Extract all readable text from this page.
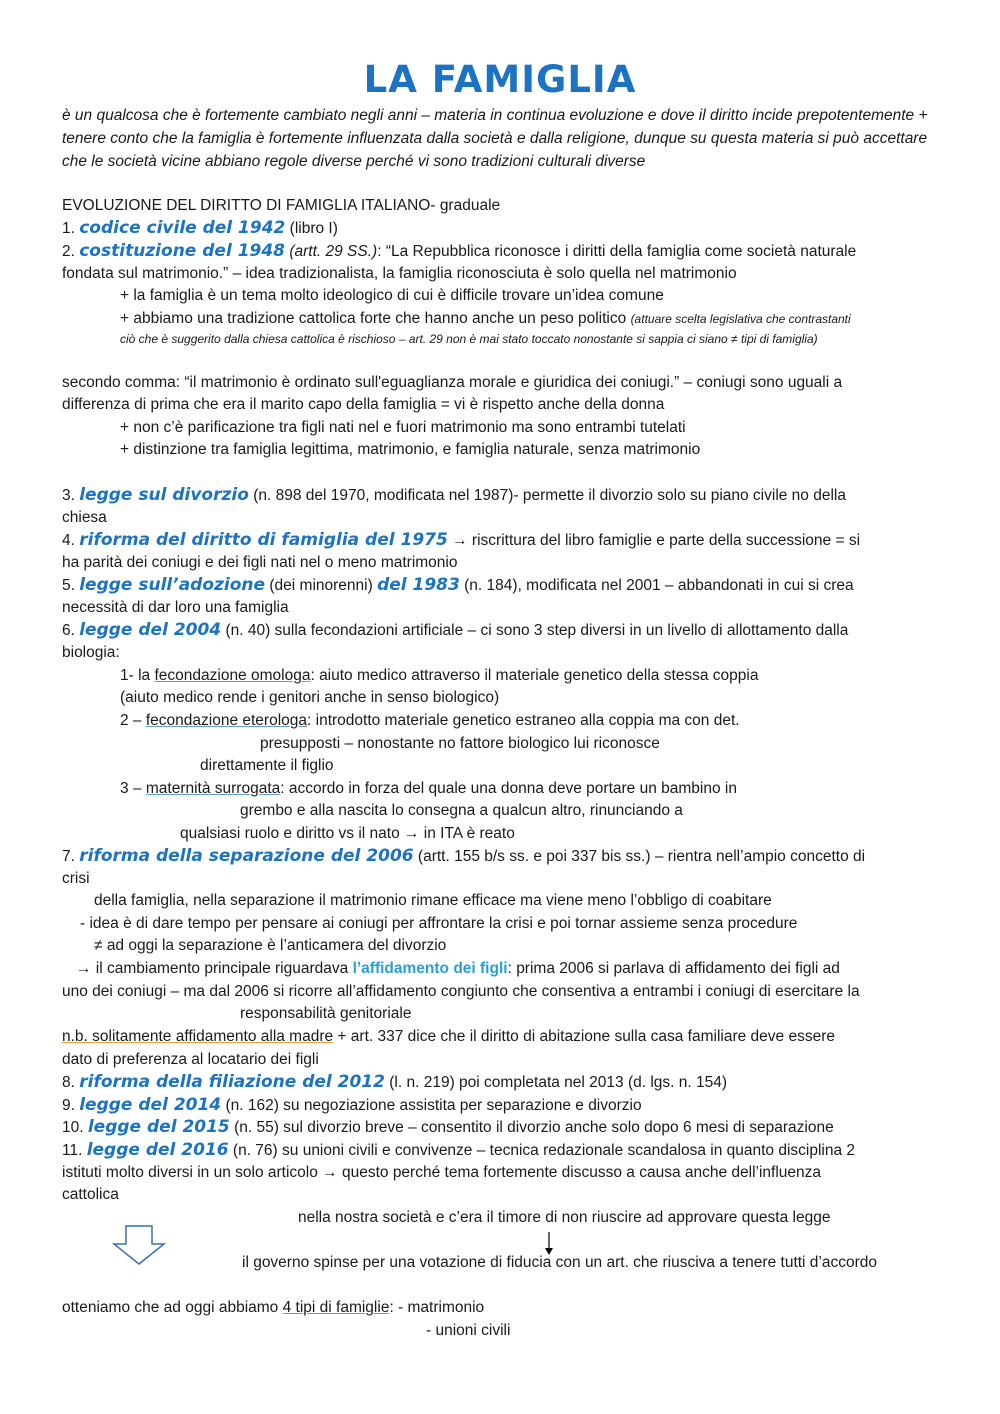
LA FAMIGLIA

è un qualcosa che è fortemente cambiato negli anni – materia in continua evoluzione e dove il diritto incide prepotentemente + tenere conto che la famiglia è fortemente influenzata dalla società e dalla religione, dunque su questa materia si può accettare che le società vicine abbiano regole diverse perché vi sono tradizioni culturali diverse

EVOLUZIONE DEL DIRITTO DI FAMIGLIA ITALIANO- graduale

1. codice civile del 1942 (libro I)

2. costituzione del 1948 (artt. 29 SS.): “La Repubblica riconosce i diritti della famiglia come società naturale

fondata sul matrimonio.” – idea tradizionalista, la famiglia riconosciuta è solo quella nel matrimonio

+ la famiglia è un tema molto ideologico di cui è difficile trovare un’idea comune

+ abbiamo una tradizione cattolica forte che hanno anche un peso politico (attuare scelta legislativa che contrastanti

ciò che è suggerito dalla chiesa cattolica è rischioso – art. 29 non è mai stato toccato nonostante si sappia ci siano ≠ tipi di famiglia)

secondo comma: “il matrimonio è ordinato sull'eguaglianza morale e giuridica dei coniugi.” – coniugi sono uguali a

differenza di prima che era il marito capo della famiglia = vi è rispetto anche della donna

+ non c’è parificazione tra figli nati nel e fuori matrimonio ma sono entrambi tutelati

+ distinzione tra famiglia legittima, matrimonio, e famiglia naturale, senza matrimonio

3. legge sul divorzio (n. 898 del 1970, modificata nel 1987)- permette il divorzio solo su piano civile no della

chiesa

4. riforma del diritto di famiglia del 1975 → riscrittura del libro famiglie e parte della successione = si

ha parità dei coniugi e dei figli nati nel o meno matrimonio

5. legge sull’adozione (dei minorenni) del 1983 (n. 184), modificata nel 2001 – abbandonati in cui si crea

necessità di dar loro una famiglia

6. legge del 2004 (n. 40) sulla fecondazioni artificiale – ci sono 3 step diversi in un livello di allottamento dalla

biologia:

1- la fecondazione omologa: aiuto medico attraverso il materiale genetico della stessa coppia

(aiuto medico rende i genitori anche in senso biologico)

2 – fecondazione eterologa: introdotto materiale genetico estraneo alla coppia ma con det.

presupposti – nonostante no fattore biologico lui riconosce

direttamente il figlio

3 – maternità surrogata: accordo in forza del quale una donna deve portare un bambino in

grembo e alla nascita lo consegna a qualcun altro, rinunciando a

qualsiasi ruolo e diritto vs il nato → in ITA è reato

7. riforma della separazione del 2006 (artt. 155 b/s ss. e poi 337 bis ss.) – rientra nell’ampio concetto di

crisi

della famiglia, nella separazione il matrimonio rimane efficace ma viene meno l’obbligo di coabitare

- idea è di dare tempo per pensare ai coniugi per affrontare la crisi e poi tornar assieme senza procedure

≠ ad oggi la separazione è l’anticamera del divorzio

→ il cambiamento principale riguardava l’affidamento dei figli: prima 2006 si parlava di affidamento dei figli ad

uno dei coniugi – ma dal 2006 si ricorre all’affidamento congiunto che consentiva a entrambi i coniugi di esercitare la

responsabilità genitoriale

n.b. solitamente affidamento alla madre + art. 337 dice che il diritto di abitazione sulla casa familiare deve essere

dato di preferenza al locatario dei figli

8. riforma della filiazione del 2012 (l. n. 219) poi completata nel 2013 (d. lgs. n. 154)

9. legge del 2014 (n. 162) su negoziazione assistita per separazione e divorzio

10. legge del 2015 (n. 55) sul divorzio breve – consentito il divorzio anche solo dopo 6 mesi di separazione

11. legge del 2016 (n. 76) su unioni civili e convivenze – tecnica redazionale scandalosa in quanto disciplina 2

istituti molto diversi in un solo articolo → questo perché tema fortemente discusso a causa anche dell’influenza

cattolica

nella nostra società e c’era il timore di non riuscire ad approvare questa legge

il governo spinse per una votazione di fiducia con un art. che riusciva a tenere tutti d’accordo

otteniamo che ad oggi abbiamo 4 tipi di famiglie: - matrimonio

- unioni civili
